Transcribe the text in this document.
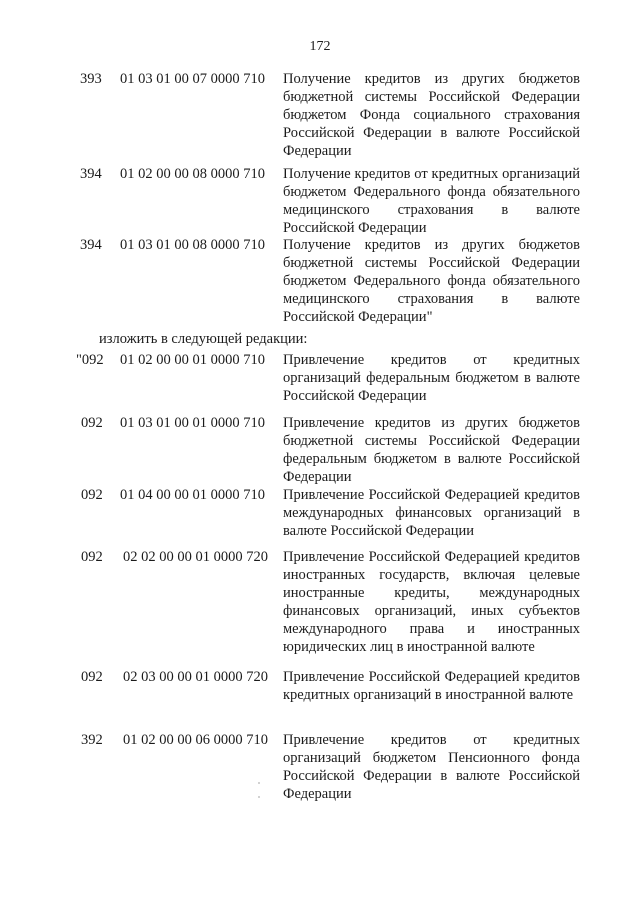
172
393 01 03 01 00 07 0000 710 Получение кредитов из других бюджетов бюджетной системы Российской Федерации бюджетом Фонда социального страхования Российской Федерации в валюте Российской Федерации
394 01 02 00 00 08 0000 710 Получение кредитов от кредитных организаций бюджетом Федерального фонда обязательного медицинского страхования в валюте Российской Федерации
394 01 03 01 00 08 0000 710 Получение кредитов из других бюджетов бюджетной системы Российской Федерации бюджетом Федерального фонда обязательного медицинского страхования в валюте Российской Федерации"
изложить в следующей редакции:
"092 01 02 00 00 01 0000 710 Привлечение кредитов от кредитных организаций федеральным бюджетом в валюте Российской Федерации
092 01 03 01 00 01 0000 710 Привлечение кредитов из других бюджетов бюджетной системы Российской Федерации федеральным бюджетом в валюте Российской Федерации
092 01 04 00 00 01 0000 710 Привлечение Российской Федерацией кредитов международных финансовых организаций в валюте Российской Федерации
092 02 02 00 00 01 0000 720 Привлечение Российской Федерацией кредитов иностранных государств, включая целевые иностранные кредиты, международных финансовых организаций, иных субъектов международного права и иностранных юридических лиц в иностранной валюте
092 02 03 00 00 01 0000 720 Привлечение Российской Федерацией кредитов кредитных организаций в иностранной валюте
392 01 02 00 00 06 0000 710 Привлечение кредитов от кредитных организаций бюджетом Пенсионного фонда Российской Федерации в валюте Российской Федерации
